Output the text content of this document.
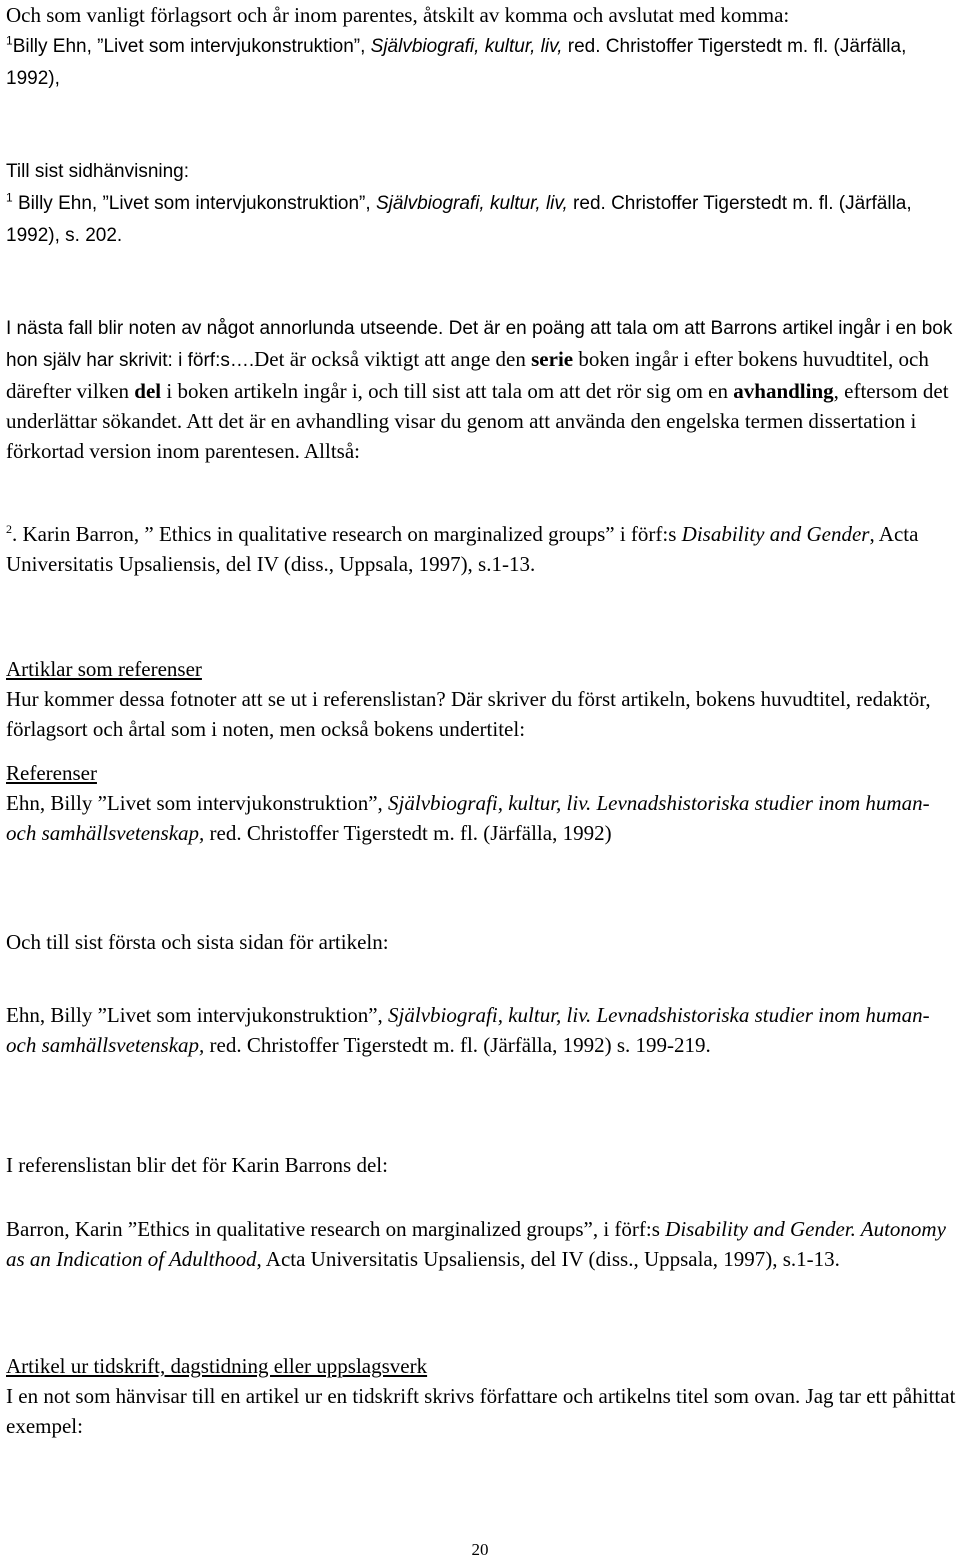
Och som vanligt förlagsort och år inom parentes, åtskilt av komma och avslutat med komma:
$^1$Billy Ehn, ”Livet som intervjukonstruktion”, Självbiografi, kultur, liv, red. Christoffer Tigerstedt m. fl. (Järfälla, 1992),
Till sist sidhänvisning:
$^1$ Billy Ehn, ”Livet som intervjukonstruktion”, Självbiografi, kultur, liv, red. Christoffer Tigerstedt m. fl. (Järfälla, 1992), s. 202.
I nästa fall blir noten av något annorlunda utseende. Det är en poäng att tala om att Barrons artikel ingår i en bok hon själv har skrivit: i förf:s….Det är också viktigt att ange den serie boken ingår i efter bokens huvudtitel, och därefter vilken del i boken artikeln ingår i, och till sist att tala om att det rör sig om en avhandling, eftersom det underlättar sökandet. Att det är en avhandling visar du genom att använda den engelska termen dissertation i förkortad version inom parentesen. Alltså:
$^2$. Karin Barron, ” Ethics in qualitative research on marginalized groups” i förf:s Disability and Gender, Acta Universitatis Upsaliensis, del IV (diss., Uppsala, 1997), s.1-13.
Artiklar som referenser
Hur kommer dessa fotnoter att se ut i referenslistan? Där skriver du först artikeln, bokens huvudtitel, redaktör, förlagsort och årtal som i noten, men också bokens undertitel:
Referenser
Ehn, Billy ”Livet som intervjukonstruktion”, Självbiografi, kultur, liv. Levnadshistoriska studier inom human- och samhällsvetenskap, red. Christoffer Tigerstedt m. fl. (Järfälla, 1992)
Och till sist första och sista sidan för artikeln:
Ehn, Billy ”Livet som intervjukonstruktion”, Självbiografi, kultur, liv. Levnadshistoriska studier inom human- och samhällsvetenskap, red. Christoffer Tigerstedt m. fl. (Järfälla, 1992) s. 199-219.
I referenslistan blir det för Karin Barrons del:
Barron, Karin ”Ethics in qualitative research on marginalized groups”, i förf:s Disability and Gender. Autonomy as an Indication of Adulthood, Acta Universitatis Upsaliensis, del IV (diss., Uppsala, 1997), s.1-13.
Artikel ur tidskrift, dagstidning eller uppslagsverk
I en not som hänvisar till en artikel ur en tidskrift skrivs författare och artikelns titel som ovan. Jag tar ett påhittat exempel:
20
